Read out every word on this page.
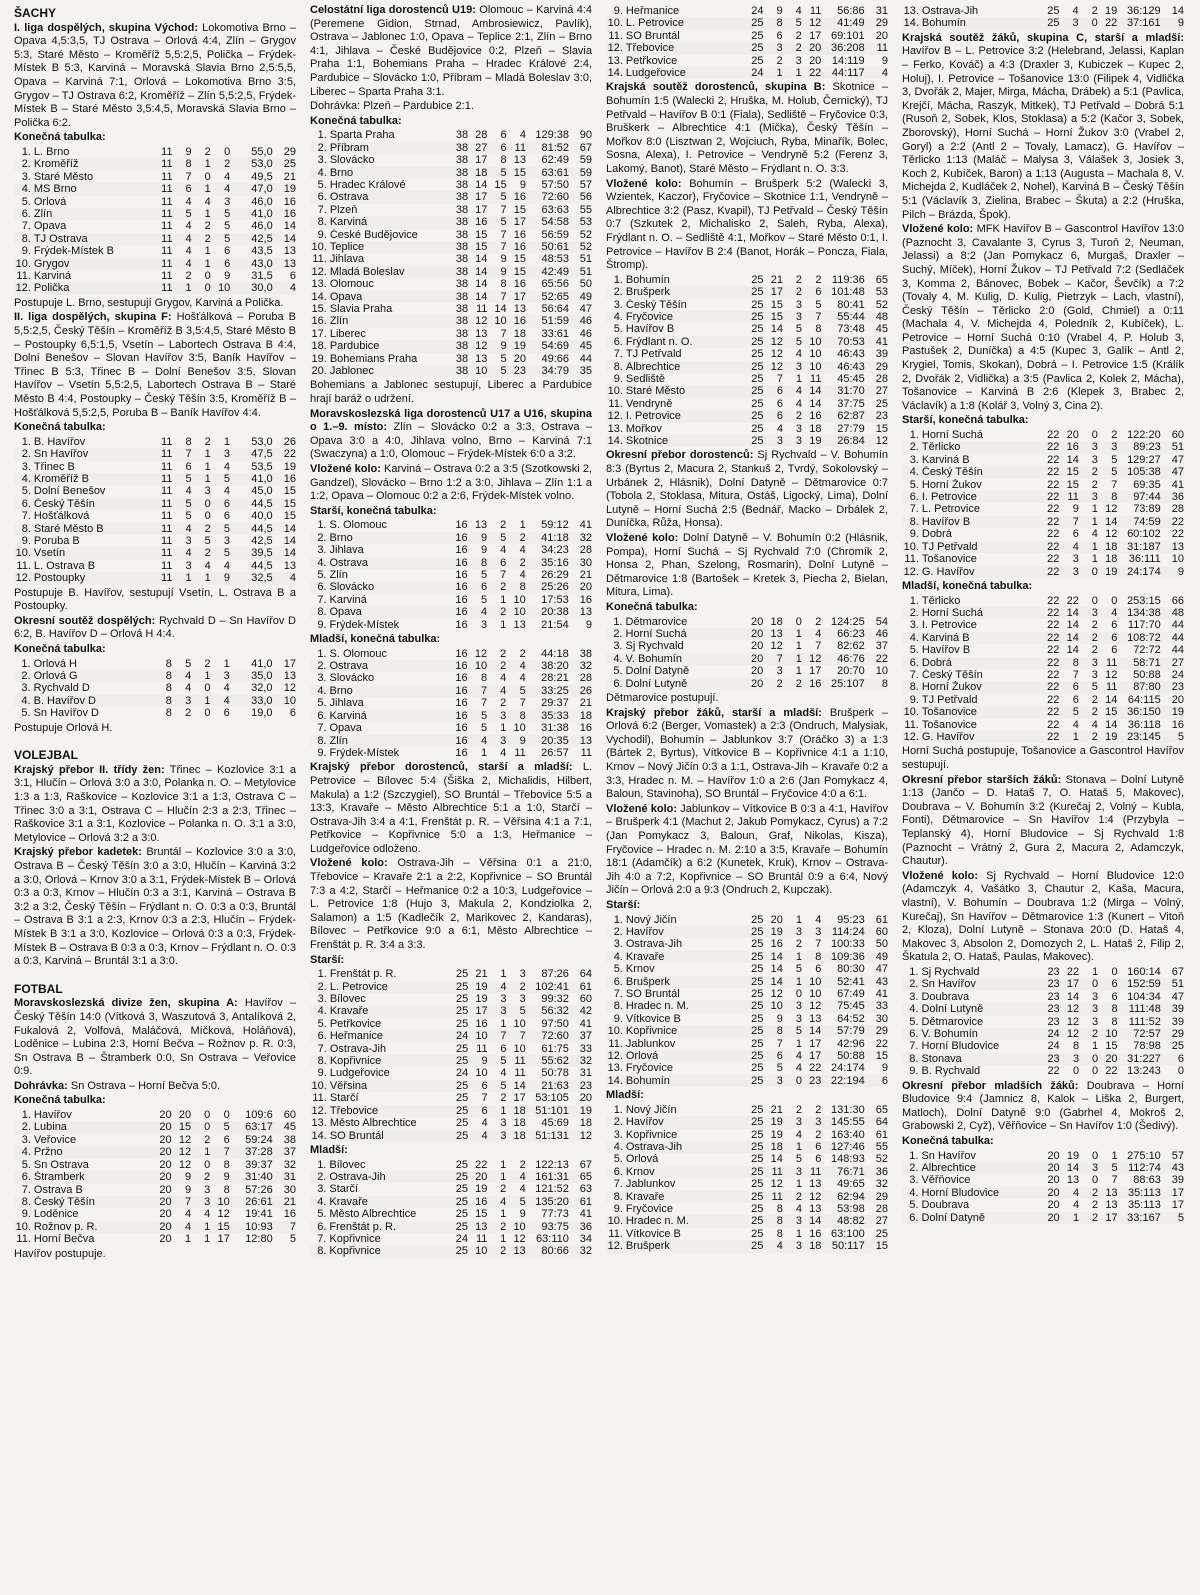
ŠACHY
I. liga dospělých, skupina Východ: Lokomotiva Brno – Opava 4,5:3,5, TJ Ostrava – Orlová 4:4, Zlín – Grygov 5:3, Staré Město – Kroměříž 5,5:2,5, Polička – Frýdek-Místek B 5:3, Karviná – Moravská Slavia Brno 2,5:5,5, Opava – Karviná 7:1, Orlová – Lokomotiva Brno 3:5, Grygov – TJ Ostrava 6:2, Kroměříž – Zlín 5,5:2,5, Frýdek-Místek B – Staré Město 3,5:4,5, Moravská Slavia Brno – Polička 6:2.
Konečná tabulka:
1.	L. Brno	11	9	2	0	55,0	29
2.	Kroměříž	11	8	1	2	53,0	25
3.	Staré Město	11	7	0	4	49,5	21
4.	MS Brno	11	6	1	4	47,0	19
5.	Orlová	11	4	4	3	46,0	16
6.	Zlín	11	5	1	5	41,0	16
7.	Opava	11	4	2	5	46,0	14
8.	TJ Ostrava	11	4	2	5	42,5	14
9.	Frýdek-Místek B	11	4	1	6	43,5	13
10.	Grygov	11	4	1	6	43,0	13
11.	Karviná	11	2	0	9	31,5	6
12.	Polička	11	1	0	10	30,0	4
Postupuje L. Brno, sestupují Grygov, Karviná a Polička.
II. liga dospělých, skupina F: Hošťálková – Poruba B 5,5:2,5, Český Těšín – Kroměříž B 3,5:4,5, Staré Město B – Postoupky 6,5:1,5, Vsetín – Labortech Ostrava B 4:4, Dolní Benešov – Slovan Havířov 3:5, Baník Havířov – Třinec B 5:3, Třinec B – Dolní Benešov 3:5, Slovan Havířov – Vsetín 5,5:2,5, Labortech Ostrava B – Staré Město B 4:4, Postoupky – Český Těšín 3:5, Kroměříž B – Hošťálková 5,5:2,5, Poruba B – Baník Havířov 4:4.
Konečná tabulka:
1.	B. Havířov	11	8	2	1	53,0	26
2.	Sn Havířov	11	7	1	3	47,5	22
3.	Třinec B	11	6	1	4	53,5	19
4.	Kroměříž B	11	5	1	5	41,0	16
5.	Dolní Benešov	11	4	3	4	45,0	15
6.	Český Těšín	11	5	0	6	44,5	15
7.	Hošťálková	11	5	0	6	40,0	15
8.	Staré Město B	11	4	2	5	44,5	14
9.	Poruba B	11	3	5	3	42,5	14
10.	Vsetín	11	4	2	5	39,5	14
11.	L. Ostrava B	11	3	4	4	44,5	13
12.	Postoupky	11	1	1	9	32,5	4
Postupuje B. Havířov, sestupují Vsetín, L. Ostrava B a Postoupky.
Okresní soutěž dospělých: Rychvald D – Sn Havířov D 6:2, B. Havířov D – Orlová H 4:4.
Konečná tabulka:
1.	Orlová H	8	5	2	1	41,0	17
2.	Orlová G	8	4	1	3	35,0	13
3.	Rychvald D	8	4	0	4	32,0	12
4.	B. Havířov D	8	3	1	4	33,0	10
5.	Sn Havířov D	8	2	0	6	19,0	6
Postupuje Orlová H.
VOLEJBAL
Krajský přebor II. třídy žen: Třinec – Kozlovice 3:1 a 3:1, Hlučín – Orlová 3:0 a 3:0, Polanka n. O. – Metylovice 1:3 a 1:3, Raškovice – Kozlovice 3:1 a 1:3, Ostrava C – Třinec 3:0 a 3:1, Ostrava C – Hlučín 2:3 a 2:3, Třinec – Raškovice 3:1 a 3:1, Kozlovice – Polanka n. O. 3:1 a 3:0, Metylovice – Orlová 3:2 a 3:0.
Krajský přebor kadetek: Bruntál – Kozlovice 3:0 a 3:0, Ostrava B – Český Těšín 3:0 a 3:0, Hlučín – Karviná 3:2 a 3:0, Orlová – Krnov 3:0 a 3:1, Frýdek-Místek B – Orlová 0:3 a 0:3, Krnov – Hlučín 0:3 a 3:1, Karviná – Ostrava B 3:2 a 3:2, Český Těšín – Frýdlant n. O. 0:3 a 0:3, Bruntál – Ostrava B 3:1 a 2:3, Krnov 0:3 a 2:3, Hlučín – Frýdek-Místek B 3:1 a 3:0, Kozlovice – Orlová 0:3 a 0:3, Frýdek-Místek B – Ostrava B 0:3 a 0:3, Krnov – Frýdlant n. O. 0:3 a 0:3, Karviná – Bruntál 3:1 a 3:0.
FOTBAL
Moravskoslezská divize žen, skupina A: Havířov – Český Těšín 14:0 (Vítková 3, Waszutová 3, Antalíková 2, Fukalová 2, Volfová, Maláčová, Míčková, Holáňová), Loděnice – Lubina 2:3, Horní Bečva – Rožnov p. R. 0:3, Sn Ostrava B – Štramberk 0:0, Sn Ostrava – Veřovice 0:9.
Dohrávka: Sn Ostrava – Horní Bečva 5:0.
Konečná tabulka:
1.	Havířov	20	20	0	0	109:6	60
2.	Lubina	20	15	0	5	63:17	45
3.	Veřovice	20	12	2	6	59:24	38
4.	Pržno	20	12	1	7	37:28	37
5.	Sn Ostrava	20	12	0	8	39:37	32
6.	Štramberk	20	9	2	9	31:40	31
7.	Ostrava B	20	9	3	8	57:26	30
8.	Český Těšín	20	7	3	10	26:61	21
9.	Loděnice	20	4	4	12	19:41	16
10.	Rožnov p. R.	20	4	1	15	10:93	7
11.	Horní Bečva	20	1	1	17	12:80	5
Havířov postupuje.
Celostátní liga dorostenců U19: Olomouc – Karviná 4:4 (Peremene Gidion, Strnad, Ambrosiewicz, Pavlík), Ostrava – Jablonec 1:0, Opava – Teplice 2:1, Zlín – Brno 4:1, Jihlava – České Budějovice 0:2, Plzeň – Slavia Praha 1:1, Bohemians Praha – Hradec Králové 2:4, Pardubice – Slovácko 1:0, Příbram – Mladá Boleslav 3:0, Liberec – Sparta Praha 3:1.
Dohrávka: Plzeň – Pardubice 2:1.
Konečná tabulka:
1.	Sparta Praha	38	28	6	4	129:38	90
2.	Příbram	38	27	6	11	81:52	67
3.	Slovácko	38	17	8	13	62:49	59
4.	Brno	38	18	5	15	63:61	59
5.	Hradec Králové	38	14	15	9	57:50	57
6.	Ostrava	38	17	5	16	72:60	56
7.	Plzeň	38	17	7	15	63:63	55
8.	Karviná	38	16	5	17	54:58	53
9.	České Budějovice	38	15	7	16	56:59	52
10.	Teplice	38	15	7	16	50:61	52
11.	Jihlava	38	14	9	15	48:53	51
12.	Mladá Boleslav	38	14	9	15	42:49	51
13.	Olomouc	38	14	8	16	65:56	50
14.	Opava	38	14	7	17	52:65	49
15.	Slavia Praha	38	11	14	13	56:64	47
16.	Zlín	38	12	10	16	51:59	46
17.	Liberec	38	13	7	18	33:61	46
18.	Pardubice	38	12	9	19	54:69	45
19.	Bohemians Praha	38	13	5	20	49:66	44
20.	Jablonec	38	10	5	23	34:79	35
Bohemians a Jablonec sestupují, Liberec a Pardubice hrají baráž o udržení.
Moravskoslezská liga dorostenců U17 a U16, skupina o 1.–9. místo: Zlín – Slovácko 0:2 a 3:3, Ostrava – Opava 3:0 a 4:0, Jihlava volno, Brno – Karviná 7:1 (Swaczyna) a 1:0, Olomouc – Frýdek-Místek 6:0 a 3:2.
Vložené kolo: Karviná – Ostrava 0:2 a 3:5 (Szotkowski 2, Gandzel), Slovácko – Brno 1:2 a 3:0, Jihlava – Zlín 1:1 a 1:2, Opava – Olomouc 0:2 a 2:6, Frýdek-Místek volno.
Starší, konečná tabulka:
1.	S. Olomouc	16	13	2	1	59:12	41
2.	Brno	16	9	5	2	41:18	32
3.	Jihlava	16	9	4	4	34:23	28
4.	Ostrava	16	8	6	2	35:16	30
5.	Zlín	16	5	7	4	26:29	21
6.	Slovácko	16	6	2	8	25:26	20
7.	Karviná	16	5	1	10	17:53	16
8.	Opava	16	4	2	10	20:38	13
9.	Frýdek-Místek	16	3	1	13	21:54	9
Mladší, konečná tabulka:
1.	S. Olomouc	16	12	2	2	44:18	38
2.	Ostrava	16	10	2	4	38:20	32
3.	Slovácko	16	8	4	4	28:21	28
4.	Brno	16	7	4	5	33:25	26
5.	Jihlava	16	7	2	7	29:37	21
6.	Karviná	16	5	3	8	35:33	18
7.	Opava	16	5	1	10	31:38	16
8.	Zlín	16	4	3	9	20:35	13
9.	Frýdek-Místek	16	1	4	11	26:57	11
Krajský přebor dorostenců, starší a mladší: L. Petrovice – Bílovec 5:4 (Šiška 2, Michalidis, Hilbert, Makula) a 1:2 (Szczygiel), SO Bruntál – Třebovice 5:5 a 13:3, Kravaře – Město Albrechtice 5:1 a 1:0, Starčí – Ostrava-Jih 3:4 a 4:1, Frenštát p. R. – Věřsina 4:1 a 7:1, Petřkovice – Kopřivnice 5:0 a 1:3, Heřmanice – Ludgeřovice odloženo.
Vložené kolo: Ostrava-Jih – Věřsina 0:1 a 21:0, Třebovice – Kravaře 2:1 a 2:2, Kopřivnice – SO Bruntál 7:3 a 4:2, Starčí – Heřmanice 0:2 a 10:3, Ludgeřovice – L. Petrovice 1:8 (Hujo 3, Makula 2, Kondziolka 2, Salamon) a 1:5 (Kadlečík 2, Marikovec 2, Kandaras), Bílovec – Petřkovice 9:0 a 6:1, Město Albrechtice – Frenštát p. R. 3:4 a 3:3.
Starší:
1.	Frenštát p. R.	25	21	1	3	87:26	64
2.	L. Petrovice	25	19	4	2	102:41	61
3.	Bílovec	25	19	3	3	99:32	60
4.	Kravaře	25	17	3	5	56:32	42
5.	Petřkovice	25	16	1	10	97:50	41
6.	Heřmanice	24	10	7	7	72:60	37
7.	Ostrava-Jih	25	11	6	10	61:75	33
8.	Kopřivnice	25	9	5	11	55:62	32
9.	Ludgeřovice	24	10	4	11	50:78	31
10.	Věřsina	25	6	5	14	21:63	23
11.	Starčí	25	7	2	17	53:105	20
12.	Třebovice	25	6	1	18	51:101	19
13.	Město Albrechtice	25	4	3	18	45:69	18
14.	SO Bruntál	25	4	3	18	51:131	12
Mladší:
1.	Bílovec	25	22	1	2	122:13	67
2.	Ostrava-Jih	25	20	1	4	161:31	65
3.	Starčí	25	19	2	4	121:52	63
4.	Kravaře	25	16	4	5	135:20	61
5.	Město Albrechtice	25	15	1	9	77:73	41
6.	Frenštát p. R.	25	13	2	10	93:75	36
7.	Kopřivnice	24	11	1	12	63:110	34
8.	Kopřivnice	25	10	2	13	80:66	32
9.	Heřmanice	24	9	4	11	56:86	31
10.	L. Petrovice	25	8	5	12	41:49	29
11.	SO Bruntál	25	6	2	17	69:101	20
12.	Třebovice	25	3	2	20	36:208	11
13.	Petřkovice	25	2	3	20	14:119	9
14.	Ludgeřovice	24	1	1	22	44:117	4
Krajská soutěž dorostenců, skupina B: Skotnice – Bohumín 1:5 (Walecki 2, Hruška, M. Holub, Černický), TJ Petřvald – Havířov B 0:1 (Fiala), Sedliště – Fryčovice 0:3, Bruškerk – Albrechtice 4:1 (Mička), Český Těšín – Mořkov 8:0 (Lisztwan 2, Wojciuch, Ryba, Minařík, Bolec, Sosna, Alexa), I. Petrovice – Vendryně 5:2 (Ferenz 3, Lakomý, Banot), Staré Město – Frýdlant n. O. 3:3.
Vložené kolo: Bohumín – Brušperk 5:2 (Walecki 3, Wzientek, Kaczor), Fryčovice – Skotnice 1:1, Vendryně – Albrechtice 3:2 (Pasz, Kvapil), TJ Petřvald – Český Těšín 0:7 (Szkutek 2, Michalisko 2, Saleh, Ryba, Alexa), Frýdlant n. O. – Sedliště 4:1, Mořkov – Staré Město 0:1, I. Petrovice – Havířov B 2:4 (Banot, Horák – Poncza, Fiala, Štromp).
1.	Bohumín	25	21	2	2	119:36	65
2.	Brušperk	25	17	2	6	101:48	53
3.	Český Těšín	25	15	3	5	80:41	52
4.	Fryčovice	25	15	3	7	55:44	48
5.	Havířov B	25	14	5	8	73:48	45
6.	Frýdlant n. O.	25	12	5	10	70:53	41
7.	TJ Petřvald	25	12	4	10	46:43	39
8.	Albrechtice	25	12	3	10	46:43	29
9.	Sedliště	25	7	1	11	45:45	28
10.	Staré Město	25	6	4	14	31:70	27
11.	Vendryně	25	6	4	14	37:75	25
12.	I. Petrovice	25	6	2	16	62:87	23
13.	Mořkov	25	4	3	18	27:79	15
14.	Skotnice	25	3	3	19	26:84	12
Okresní přebor dorostenců: Sj Rychvald – V. Bohumín 8:3 (Byrtus 2, Macura 2, Stankuš 2, Tvrdý, Sokolovský – Urbánek 2, Hlásnik), Dolní Datyně – Dětmarovice 0:7 (Tobola 2, Stoklasa, Mitura, Ostáš, Ligocký, Lima), Dolní Lutyně – Horní Suchá 2:5 (Bednář, Macko – Drbálek 2, Duníčka, Růža, Honsa).
Vložené kolo: Dolní Datyně – V. Bohumín 0:2 (Hlásnik, Pompa), Horní Suchá – Sj Rychvald 7:0 (Chromík 2, Honsa 2, Phan, Szelong, Rosmarin), Dolní Lutyně – Dětmarovice 1:8 (Bartošek – Kretek 3, Piecha 2, Bielan, Mitura, Lima).
Konečná tabulka:
1.	Dětmarovice	20	18	0	2	124:25	54
2.	Horní Suchá	20	13	1	4	66:23	46
3.	Sj Rychvald	20	12	1	7	82:62	37
4.	V. Bohumín	20	7	1	12	46:76	22
5.	Dolní Datyně	20	3	1	17	20:70	10
6.	Dolní Lutyně	20	2	2	16	25:107	8
Dětmarovice postupují.
Krajský přebor žáků, starší a mladší: Brušperk – Orlová 6:2 (Berger, Vomastek) a 2:3 (Ondruch, Malysiak, Vychodil), Bohumín – Jablunkov 3:7 (Oráčko 3) a 1:3 (Bártek 2, Byrtus), Vítkovice B – Kopřivnice 4:1 a 1:10, Krnov – Nový Jičín 0:3 a 1:1, Ostrava-Jih – Kravaře 0:2 a 3:3, Hradec n. M. – Havířov 1:0 a 2:6 (Jan Pomykacz 4, Baloun, Stavinoha), SO Bruntál – Fryčovice 4:0 a 6:1.
Vložené kolo: Jablunkov – Vítkovice B 0:3 a 4:1, Havířov – Brušperk 4:1 (Machut 2, Jakub Pomykacz, Cyrus) a 7:2 (Jan Pomykacz 3, Baloun, Graf, Nikolas, Kisza), Fryčovice – Hradec n. M. 2:10 a 3:5, Kravaře – Bohumín 18:1 (Adamčík) a 6:2 (Kunetek, Kruk), Krnov – Ostrava-Jih 4:0 a 7:2, Kopřivnice – SO Bruntál 0:9 a 6:4, Nový Jičín – Orlová 2:0 a 9:3 (Ondruch 2, Kupczak).
Starší:
1.	Nový Jičín	25	20	1	4	95:23	61
2.	Havířov	25	19	3	3	114:24	60
3.	Ostrava-Jih	25	16	2	7	100:33	50
4.	Kravaře	25	14	1	8	109:36	49
5.	Krnov	25	14	5	6	80:30	47
6.	Brušperk	25	14	1	10	52:41	43
7.	SO Bruntál	25	12	0	10	67:49	41
8.	Hradec n. M.	25	10	3	12	75:45	33
9.	Vítkovice B	25	9	3	13	64:52	30
10.	Kopřivnice	25	8	5	14	57:79	29
11.	Jablunkov	25	7	1	17	42:96	22
12.	Orlová	25	6	4	17	50:88	15
13.	Fryčovice	25	5	4	22	24:174	9
14.	Bohumín	25	3	0	23	22:194	6
Mladší:
1.	Nový Jičín	25	21	2	2	131:30	65
2.	Havířov	25	19	3	3	145:55	64
3.	Kopřivnice	25	19	4	2	163:40	61
4.	Ostrava-Jih	25	18	1	6	127:46	55
5.	Orlová	25	14	5	6	148:93	52
6.	Krnov	25	11	3	11	76:71	36
7.	Jablunkov	25	12	1	13	49:65	32
8.	Kravaře	25	11	2	12	62:94	29
9.	Fryčovice	25	8	4	13	53:98	28
10.	Hradec n. M.	25	8	3	14	48:82	27
11.	Vítkovice B	25	8	1	16	63:100	25
12.	Brušperk	25	4	3	18	50:117	15
13.	Ostrava-Jih	25	4	2	19	36:129	14
14.	Bohumín	25	3	0	22	37:161	9
Krajská soutěž žáků, skupina C, starší a mladší: Havířov B – L. Petrovice 3:2 (Helebrand, Jelassi, Kaplan – Ferko, Kováč) a 4:3 (Draxler 3, Kubiczek – Kupec 2, Holuj), I. Petrovice – Tošanovice 13:0 (Filipek 4, Vidlička 3, Dvořák 2, Majer, Mirga, Mácha, Drábek) a 5:1 (Pavlica, Krejčí, Mácha, Raszyk, Mitkek), TJ Petřvald – Dobrá 5:1 (Rusoň 2, Sobek, Klos, Stoklasa) a 5:2 (Kačor 3, Sobek, Zborovský), Horní Suchá – Horní Žukov 3:0 (Vrabel 2, Goryl) a 2:2 (Antl 2 – Tovaly, Lamacz), G. Havířov – Těrlicko 1:13 (Maláč – Malysa 3, Válašek 3, Josiek 3, Koch 2, Kubíček, Baron) a 1:13 (Augusta – Machala 8, V. Michejda 2, Kudláček 2, Nohel), Karviná B – Český Těšín 5:1 (Václavík 3, Zielina, Brabec – Škuta) a 2:2 (Hruška, Pilch – Brázda, Špok).
Vložené kolo: MFK Havířov B – Gascontrol Havířov 13:0 (Paznocht 3, Cavalante 3, Cyrus 3, Turoň 2, Neuman, Jelassi) a 8:2 (Jan Pomykacz 6, Murgaš, Draxler – Suchý, Míček), Horní Žukov – TJ Petřvald 7:2 (Sedláček 3, Komma 2, Bánovec, Bobek – Kačor, Ševčík) a 7:2 (Tovaly 4, M. Kulig, D. Kulig, Pietrzyk – Lach, vlastní), Český Těšín – Těrlicko 2:0 (Gold, Chmiel) a 0:11 (Machala 4, V. Michejda 4, Poledník 2, Kubíček), L. Petrovice – Horní Suchá 0:10 (Vrabel 4, P. Holub 3, Pastušek 2, Duníčka) a 4:5 (Kupec 3, Galík – Antl 2, Krygiel, Tomis, Skokan), Dobrá – I. Petrovice 1:5 (Králík 2, Dvořák 2, Vidlička) a 3:5 (Pavlica 2, Kolek 2, Mácha), Tošanovice – Karviná B 2:6 (Klepek 3, Brabec 2, Václavík) a 1:8 (Kolář 3, Volný 3, Cina 2).
Starší, konečná tabulka:
1.	Horní Suchá	22	20	0	2	122:20	60
2.	Těrlicko	22	16	3	3	89:23	51
3.	Karviná B	22	14	3	5	129:27	47
4.	Český Těšín	22	15	2	5	105:38	47
5.	Horní Žukov	22	15	2	7	69:35	41
6.	I. Petrovice	22	11	3	8	97:44	36
7.	L. Petrovice	22	9	1	12	73:89	28
8.	Havířov B	22	7	1	14	74:59	22
9.	Dobrá	22	6	4	12	60:102	22
10.	TJ Petřvald	22	4	1	18	31:187	13
11.	Tošanovice	22	3	1	18	36:111	10
12.	G. Havířov	22	3	0	19	24:174	9
Mladší, konečná tabulka:
1.	Těrlicko	22	22	0	0	253:15	66
2.	Horní Suchá	22	14	3	4	134:38	48
3.	I. Petrovice	22	14	2	6	117:70	44
4.	Karviná B	22	14	2	6	108:72	44
5.	Havířov B	22	14	2	6	72:72	44
6.	Dobrá	22	8	3	11	58:71	27
7.	Český Těšín	22	7	3	12	50:88	24
8.	Horní Žukov	22	6	5	11	87:80	23
9.	TJ Petřvald	22	6	2	14	64:115	20
10.	Tošanovice	22	5	2	15	36:150	19
11.	Tošanovice	22	4	4	14	36:118	16
12.	G. Havířov	22	1	2	19	23:145	5
Horní Suchá postupuje, Tošanovice a Gascontrol Havířov sestupují.
Okresní přebor starších žáků: Stonava – Dolní Lutyně 1:13 (Jančo – D. Hataš 7, O. Hataš 5, Makovec), Doubrava – V. Bohumín 3:2 (Kurečaj 2, Volný – Kubla, Fonti), Dětmarovice – Sn Havířov 1:4 (Przybyla – Teplanský 4), Horní Bludovice – Sj Rychvald 1:8 (Paznocht – Vrátný 2, Gura 2, Macura 2, Adamczyk, Chautur).
Vložené kolo: Sj Rychvald – Horní Bludovice 12:0 (Adamczyk 4, Vašátko 3, Chautur 2, Kaša, Macura, vlastní), V. Bohumín – Doubrava 1:2 (Mirga – Volný, Kurečaj), Sn Havířov – Dětmarovice 1:3 (Kunert – Vitoň 2, Kloza), Dolní Lutyně – Stonava 20:0 (D. Hataš 4, Makovec 3, Absolon 2, Domozych 2, L. Hataš 2, Filip 2, Škatula 2, O. Hataš, Paulas, Makovec).
1.	Sj Rychvald	23	22	1	0	160:14	67
2.	Sn Havířov	23	17	0	6	152:59	51
3.	Doubrava	23	14	3	6	104:34	47
4.	Dolní Lutyně	23	12	3	8	111:48	39
5.	Dětmarovice	23	12	3	8	111:52	39
6.	V. Bohumín	24	12	2	10	72:57	29
7.	Horní Bludovice	24	8	1	15	78:98	25
8.	Stonava	23	3	0	20	31:227	6
9.	B. Rychvald	22	0	0	22	13:243	0
Okresní přebor mladších žáků: Doubrava – Horní Bludovice 9:4 (Jamnicz 8, Kalok – Liška 2, Burgert, Matloch), Dolní Datyně 9:0 (Gabrhel 4, Mokroš 2, Grabowski 2, Cyž), Věřňovice – Sn Havířov 1:0 (Šedivý).
Konečná tabulka:
1.	Sn Havířov	20	19	0	1	275:10	57
2.	Albrechtice	20	14	3	5	112:74	43
3.	Věřňovice	20	13	0	7	88:63	39
4.	Horní Bludovice	20	4	2	13	35:113	17
5.	Doubrava	20	4	2	13	35:113	17
6.	Dolní Datyně	20	1	2	17	33:167	5
